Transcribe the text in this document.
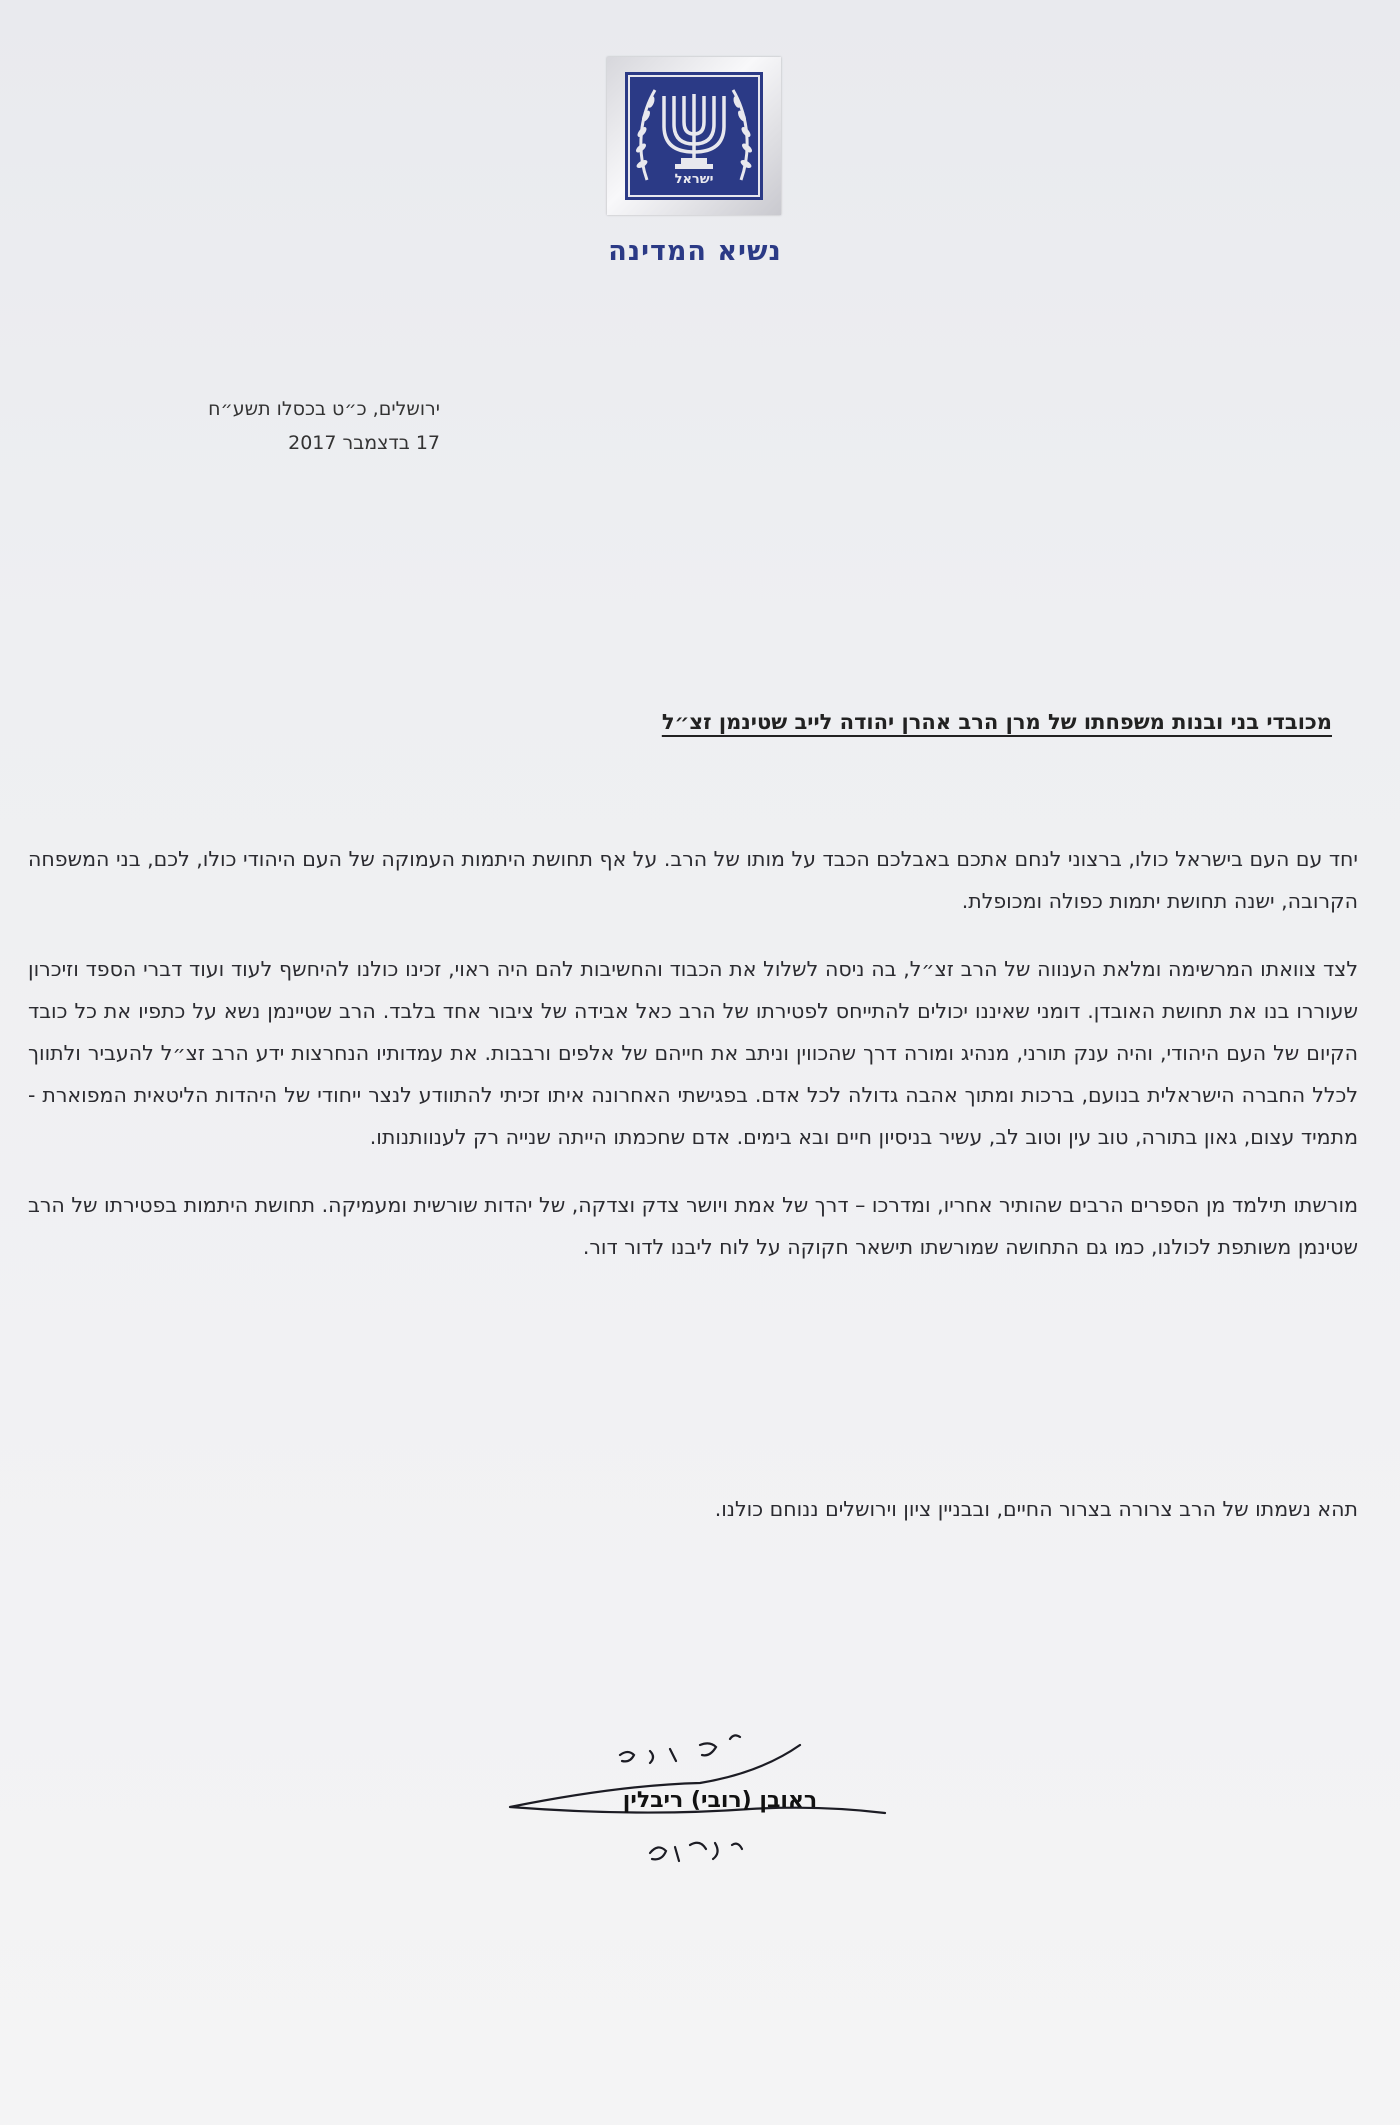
ישראל
נשיא המדינה
ירושלים, כ״ט בכסלו תשע״ח
17 בדצמבר 2017
מכובדי בני ובנות משפחתו של מרן הרב אהרן יהודה לייב שטינמן זצ״ל

יחד עם העם בישראל כולו, ברצוני לנחם אתכם באבלכם הכבד על מותו של הרב. על אף תחושת היתמות העמוקה של העם היהודי כולו, לכם, בני המשפחה הקרובה, ישנה תחושת יתמות כפולה ומכופלת.

לצד צוואתו המרשימה ומלאת הענווה של הרב זצ״ל, בה ניסה לשלול את הכבוד והחשיבות להם היה ראוי, זכינו כולנו להיחשף לעוד ועוד דברי הספד וזיכרון שעוררו בנו את תחושת האובדן. דומני שאיננו יכולים להתייחס לפטירתו של הרב כאל אבידה של ציבור אחד בלבד. הרב שטיינמן נשא על כתפיו את כל כובד הקיום של העם היהודי, והיה ענק תורני, מנהיג ומורה דרך שהכווין וניתב את חייהם של אלפים ורבבות. את עמדותיו הנחרצות ידע הרב זצ״ל להעביר ולתווך לכלל החברה הישראלית בנועם, ברכות ומתוך אהבה גדולה לכל אדם. בפגישתי האחרונה איתו זכיתי להתוודע לנצר ייחודי של היהדות הליטאית המפוארת - מתמיד עצום, גאון בתורה, טוב עין וטוב לב, עשיר בניסיון חיים ובא בימים. אדם שחכמתו הייתה שנייה רק לענוותנותו.

מורשתו תילמד מן הספרים הרבים שהותיר אחריו, ומדרכו – דרך של אמת ויושר צדק וצדקה, של יהדות שורשית ומעמיקה. תחושת היתמות בפטירתו של הרב שטינמן משותפת לכולנו, כמו גם התחושה שמורשתו תישאר חקוקה על לוח ליבנו לדור דור.

תהא נשמתו של הרב צרורה בצרור החיים, ובבניין ציון וירושלים ננוחם כולנו.
ראובן (רובי) ריבלין
